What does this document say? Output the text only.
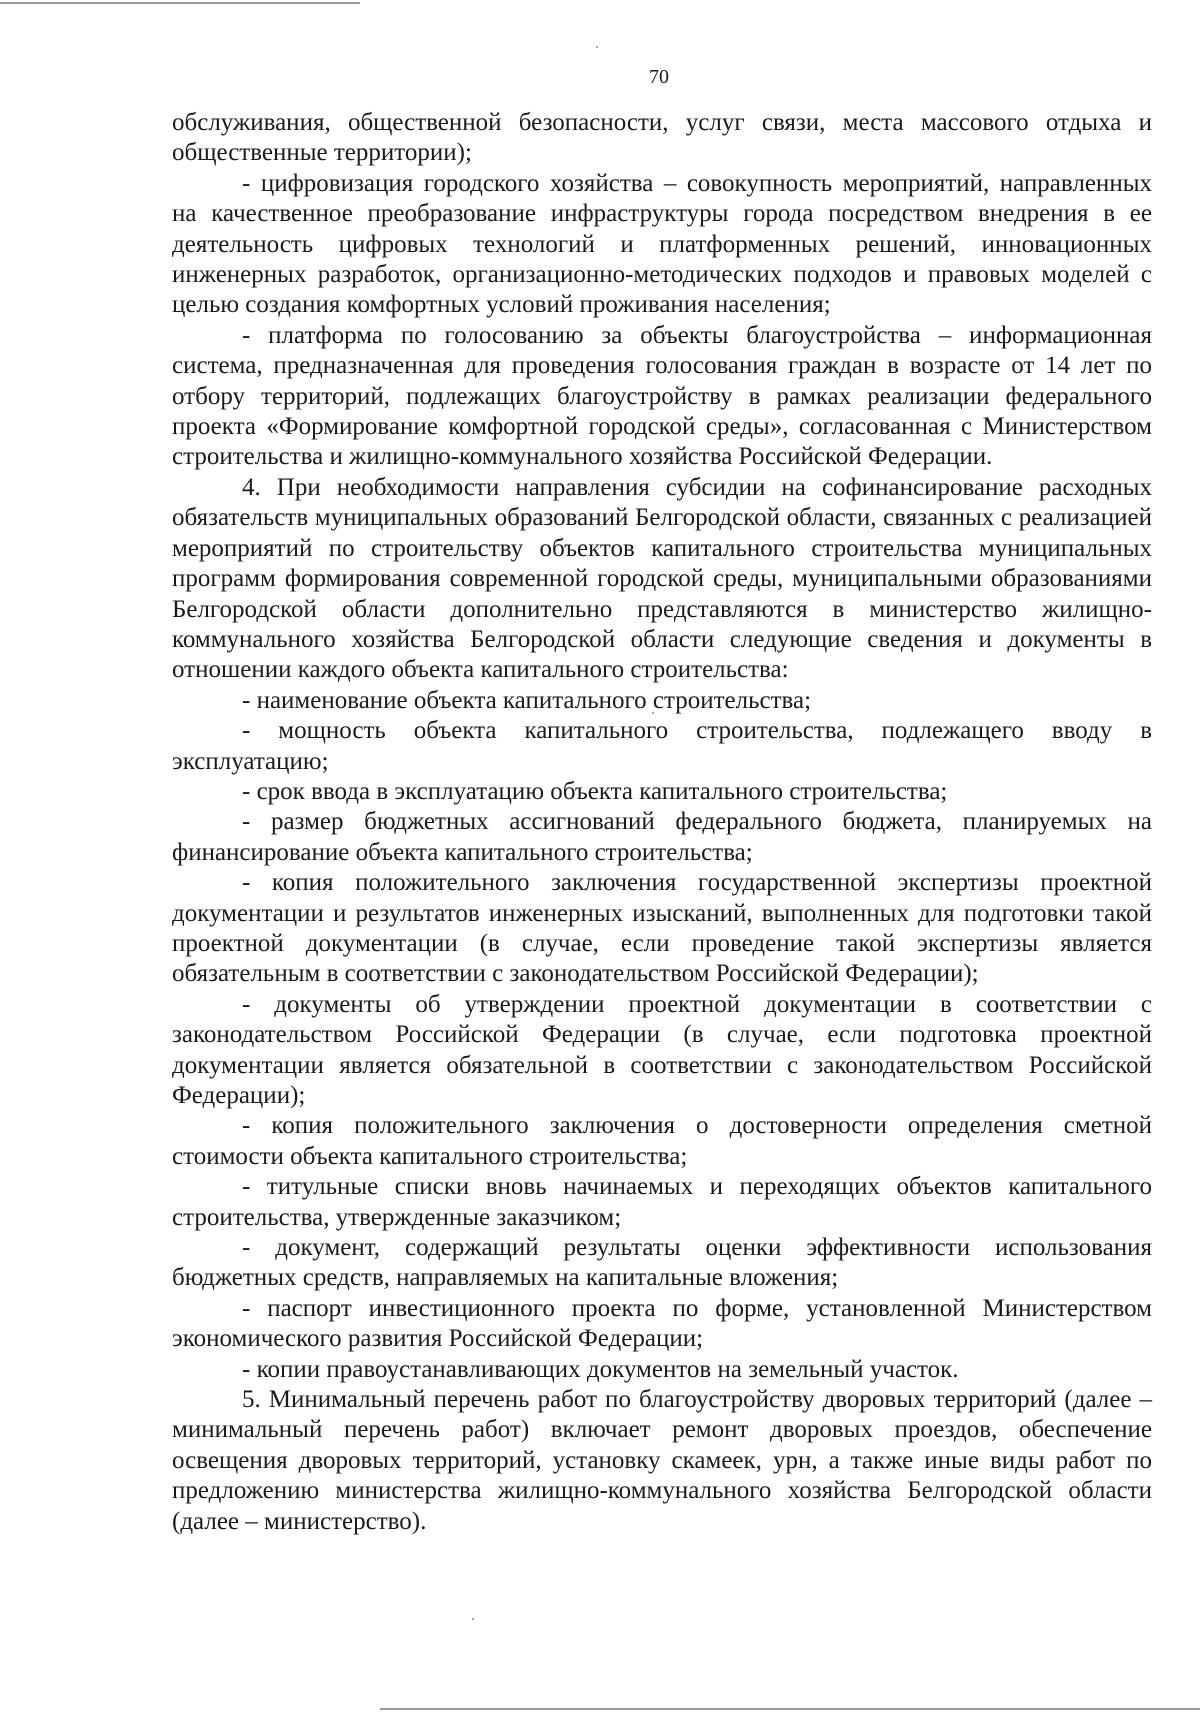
70

обслуживания, общественной безопасности, услуг связи, места массового отдыха и общественные территории);

- цифровизация городского хозяйства – совокупность мероприятий, направленных на качественное преобразование инфраструктуры города посредством внедрения в ее деятельность цифровых технологий и платформенных решений, инновационных инженерных разработок, организационно-методических подходов и правовых моделей с целью создания комфортных условий проживания населения;

- платформа по голосованию за объекты благоустройства – информационная система, предназначенная для проведения голосования граждан в возрасте от 14 лет по отбору территорий, подлежащих благоустройству в рамках реализации федерального проекта «Формирование комфортной городской среды», согласованная с Министерством строительства и жилищно-коммунального хозяйства Российской Федерации.

4. При необходимости направления субсидии на софинансирование расходных обязательств муниципальных образований Белгородской области, связанных с реализацией мероприятий по строительству объектов капитального строительства муниципальных программ формирования современной городской среды, муниципальными образованиями Белгородской области дополнительно представляются в министерство жилищно-коммунального хозяйства Белгородской области следующие сведения и документы в отношении каждого объекта капитального строительства:

- наименование объекта капитального строительства;

- мощность объекта капитального строительства, подлежащего вводу в эксплуатацию;

- срок ввода в эксплуатацию объекта капитального строительства;

- размер бюджетных ассигнований федерального бюджета, планируемых на финансирование объекта капитального строительства;

- копия положительного заключения государственной экспертизы проектной документации и результатов инженерных изысканий, выполненных для подготовки такой проектной документации (в случае, если проведение такой экспертизы является обязательным в соответствии с законодательством Российской Федерации);

- документы об утверждении проектной документации в соответствии с законодательством Российской Федерации (в случае, если подготовка проектной документации является обязательной в соответствии с законодательством Российской Федерации);

- копия положительного заключения о достоверности определения сметной стоимости объекта капитального строительства;

- титульные списки вновь начинаемых и переходящих объектов капитального строительства, утвержденные заказчиком;

- документ, содержащий результаты оценки эффективности использования бюджетных средств, направляемых на капитальные вложения;

- паспорт инвестиционного проекта по форме, установленной Министерством экономического развития Российской Федерации;

- копии правоустанавливающих документов на земельный участок.

5. Минимальный перечень работ по благоустройству дворовых территорий (далее – минимальный перечень работ) включает ремонт дворовых проездов, обеспечение освещения дворовых территорий, установку скамеек, урн, а также иные виды работ по предложению министерства жилищно-коммунального хозяйства Белгородской области (далее – министерство).
